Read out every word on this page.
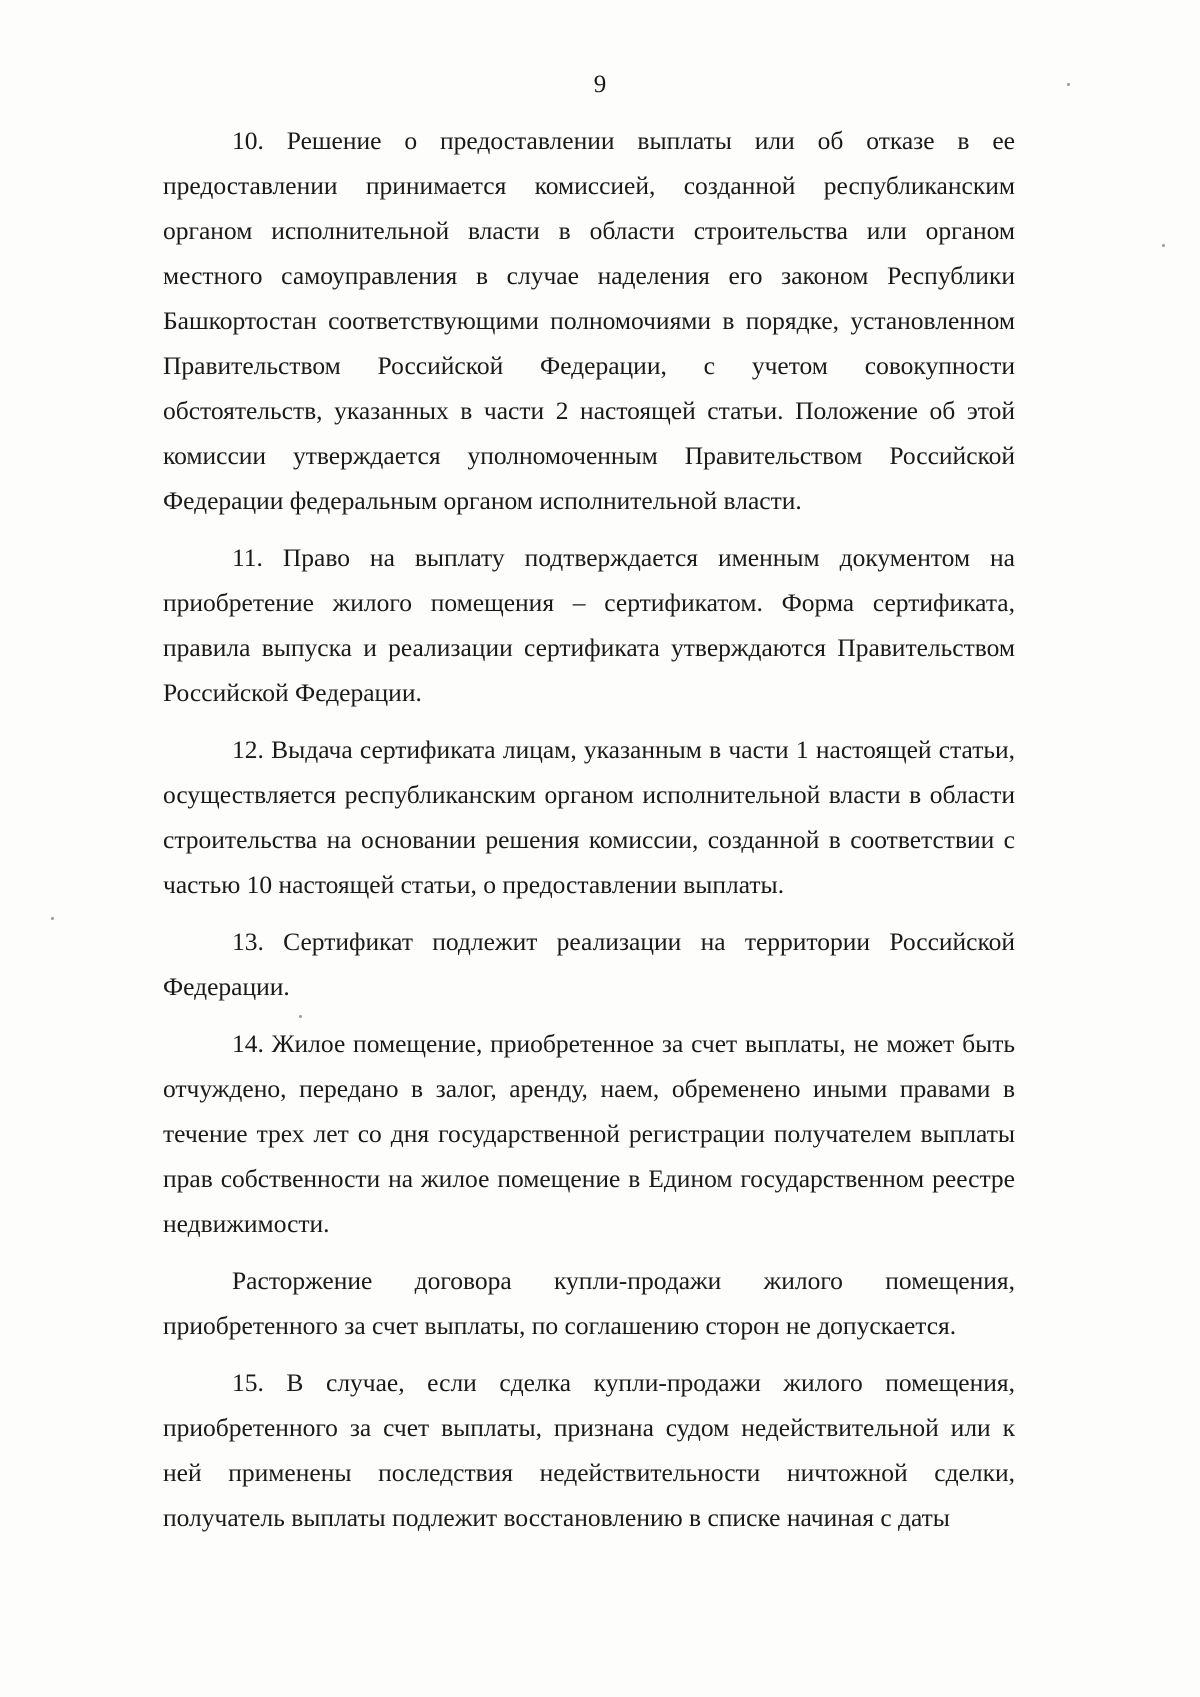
9

10. Решение о предоставлении выплаты или об отказе в ее предоставлении принимается комиссией, созданной республиканским органом исполнительной власти в области строительства или органом местного самоуправления в случае наделения его законом Республики Башкортостан соответствующими полномочиями в порядке, установленном Правительством Российской Федерации, с учетом совокупности обстоятельств, указанных в части 2 настоящей статьи. Положение об этой комиссии утверждается уполномоченным Правительством Российской Федерации федеральным органом исполнительной власти.

11. Право на выплату подтверждается именным документом на приобретение жилого помещения – сертификатом. Форма сертификата, правила выпуска и реализации сертификата утверждаются Правительством Российской Федерации.

12. Выдача сертификата лицам, указанным в части 1 настоящей статьи, осуществляется республиканским органом исполнительной власти в области строительства на основании решения комиссии, созданной в соответствии с частью 10 настоящей статьи, о предоставлении выплаты.

13. Сертификат подлежит реализации на территории Российской Федерации.

14. Жилое помещение, приобретенное за счет выплаты, не может быть отчуждено, передано в залог, аренду, наем, обременено иными правами в течение трех лет со дня государственной регистрации получателем выплаты прав собственности на жилое помещение в Едином государственном реестре недвижимости.

Расторжение договора купли-продажи жилого помещения, приобретенного за счет выплаты, по соглашению сторон не допускается.

15. В случае, если сделка купли-продажи жилого помещения, приобретенного за счет выплаты, признана судом недействительной или к ней применены последствия недействительности ничтожной сделки, получатель выплаты подлежит восстановлению в списке начиная с даты
